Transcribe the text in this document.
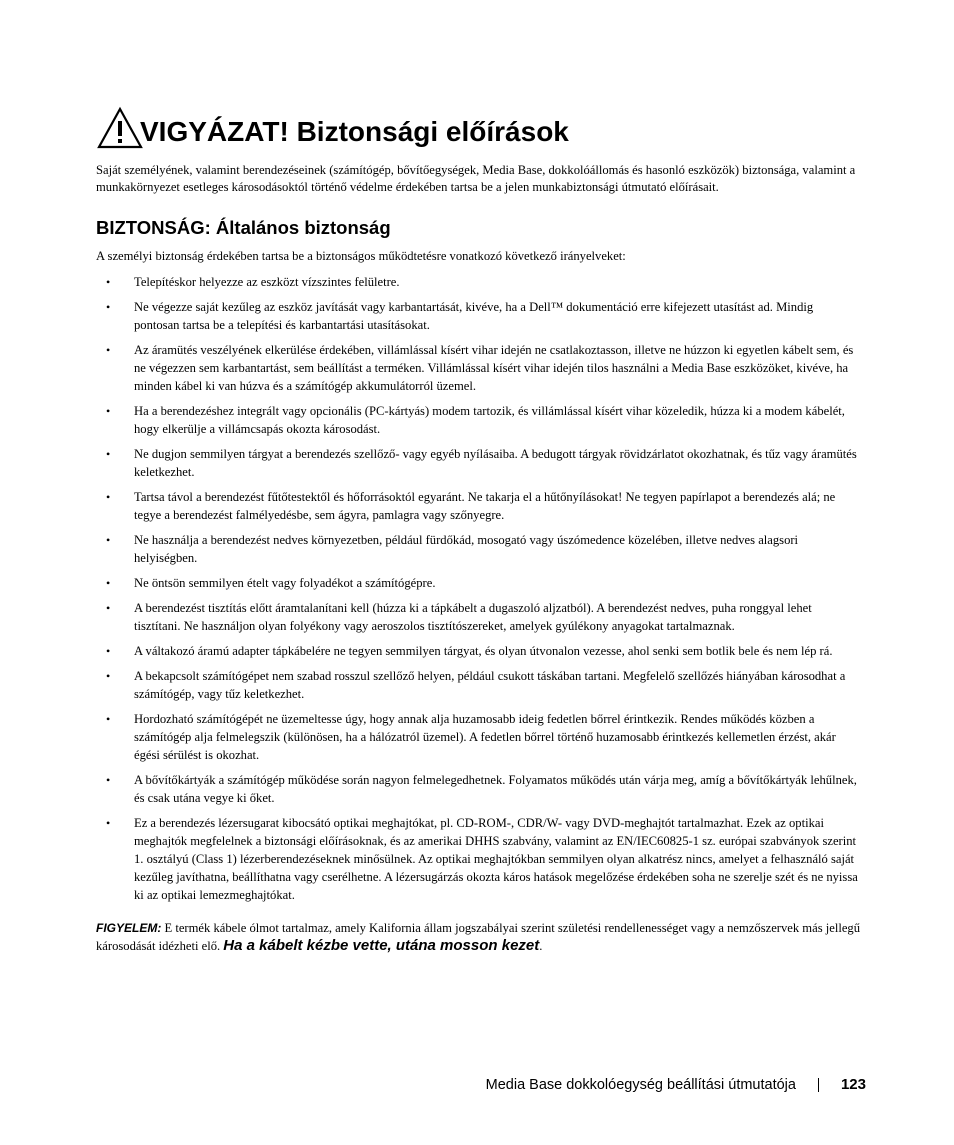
VIGYÁZAT! Biztonsági előírások
Saját személyének, valamint berendezéseinek (számítógép, bővítőegységek, Media Base, dokkolóállomás és hasonló eszközök) biztonsága, valamint a munkakörnyezet esetleges károsodásoktól történő védelme érdekében tartsa be a jelen munkabiztonsági útmutató előírásait.
BIZTONSÁG: Általános biztonság
A személyi biztonság érdekében tartsa be a biztonságos működtetésre vonatkozó következő irányelveket:
• Telepítéskor helyezze az eszközt vízszintes felületre.
• Ne végezze saját kezűleg az eszköz javítását vagy karbantartását, kivéve, ha a Dell™ dokumentáció erre kifejezett utasítást ad. Mindig pontosan tartsa be a telepítési és karbantartási utasításokat.
• Az áramütés veszélyének elkerülése érdekében, villámlással kísért vihar idején ne csatlakoztasson, illetve ne húzzon ki egyetlen kábelt sem, és ne végezzen sem karbantartást, sem beállítást a terméken. Villámlással kísért vihar idején tilos használni a Media Base eszközöket, kivéve, ha minden kábel ki van húzva és a számítógép akkumulátorról üzemel.
• Ha a berendezéshez integrált vagy opcionális (PC-kártyás) modem tartozik, és villámlással kísért vihar közeledik, húzza ki a modem kábelét, hogy elkerülje a villámcsapás okozta károsodást.
• Ne dugjon semmilyen tárgyat a berendezés szellőző- vagy egyéb nyílásaiba. A bedugott tárgyak rövidzárlatot okozhatnak, és tűz vagy áramütés keletkezhet.
• Tartsa távol a berendezést fűtőtestektől és hőforrásoktól egyaránt. Ne takarja el a hűtőnyílásokat! Ne tegyen papírlapot a berendezés alá; ne tegye a berendezést falmélyedésbe, sem ágyra, pamlagra vagy szőnyegre.
• Ne használja a berendezést nedves környezetben, például fürdőkád, mosogató vagy úszómedence közelében, illetve nedves alagsori helyiségben.
• Ne öntsön semmilyen ételt vagy folyadékot a számítógépre.
• A berendezést tisztítás előtt áramtalanítani kell (húzza ki a tápkábelt a dugaszoló aljzatból). A berendezést nedves, puha ronggyal lehet tisztítani. Ne használjon olyan folyékony vagy aeroszolos tisztítószereket, amelyek gyúlékony anyagokat tartalmaznak.
• A váltakozó áramú adapter tápkábelére ne tegyen semmilyen tárgyat, és olyan útvonalon vezesse, ahol senki sem botlik bele és nem lép rá.
• A bekapcsolt számítógépet nem szabad rosszul szellőző helyen, például csukott táskában tartani. Megfelelő szellőzés hiányában károsodhat a számítógép, vagy tűz keletkezhet.
• Hordozható számítógépét ne üzemeltesse úgy, hogy annak alja huzamosabb ideig fedetlen bőrrel érintkezik. Rendes működés közben a számítógép alja felmelegszik (különösen, ha a hálózatról üzemel). A fedetlen bőrrel történő huzamosabb érintkezés kellemetlen érzést, akár égési sérülést is okozhat.
• A bővítőkártyák a számítógép működése során nagyon felmelegedhetnek. Folyamatos működés után várja meg, amíg a bővítőkártyák lehűlnek, és csak utána vegye ki őket.
• Ez a berendezés lézersugarat kibocsátó optikai meghajtókat, pl. CD-ROM-, CDR/W- vagy DVD-meghajtót tartalmazhat. Ezek az optikai meghajtók megfelelnek a biztonsági előírásoknak, és az amerikai DHHS szabvány, valamint az EN/IEC60825-1 sz. európai szabványok szerint 1. osztályú (Class 1) lézerberendezéseknek minősülnek. Az optikai meghajtókban semmilyen olyan alkatrész nincs, amelyet a felhasználó saját kezűleg javíthatna, beállíthatna vagy cserélhetne. A lézersugárzás okozta káros hatások megelőzése érdekében soha ne szerelje szét és ne nyissa ki az optikai lemezmeghajtókat.
FIGYELEM: E termék kábele ólmot tartalmaz, amely Kalifornia állam jogszabályai szerint születési rendellenességet vagy a nemzőszervek más jellegű károsodását idézheti elő. Ha a kábelt kézbe vette, utána mosson kezet.
Media Base dokkolóegység beállítási útmutatója	123
